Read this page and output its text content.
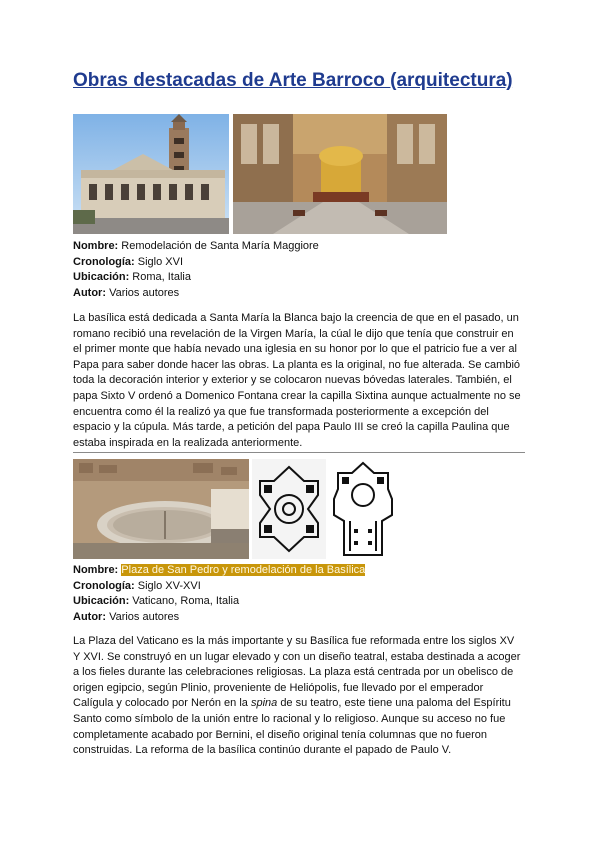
Obras destacadas de Arte Barroco (arquitectura)
Nombre: Remodelación de Santa María Maggiore
Cronología: Siglo XVI
Ubicación: Roma, Italia
Autor: Varios autores

La basílica está dedicada a Santa María la Blanca bajo la creencia de que en el pasado, un

romano recibió una revelación de la Virgen María, la cúal le dijo que tenía que construir en

el primer monte que había nevado una iglesia en su honor por lo que el patricio fue a ver al

Papa para saber donde hacer las obras. La planta es la original, no fue alterada. Se cambió

toda la decoración interior y exterior y se colocaron nuevas bóvedas laterales. También, el

papa Sixto V ordenó a Domenico Fontana crear la capilla Sixtina aunque actualmente no se

encuentra como él la realizó ya que fue transformada posteriormente a excepción del

espacio y la cúpula. Más tarde, a petición del papa Paulo III se creó la capilla Paulina que

estaba inspirada en la realizada anteriormente.

Nombre: Plaza de San Pedro y remodelación de la Basílica
Cronología: Siglo XV-XVI
Ubicación: Vaticano, Roma, Italia
Autor: Varios autores

La Plaza del Vaticano es la más importante y su Basílica fue reformada entre los siglos XV

Y XVI. Se construyó en un lugar elevado y con un diseño teatral, estaba destinada a acoger

a los fieles durante las celebraciones religiosas. La plaza está centrada por un obelisco de

origen egipcio, según Plinio, proveniente de Heliópolis, fue llevado por el emperador

Calígula y colocado por Nerón en la spina de su teatro, este tiene una paloma del Espíritu

Santo como símbolo de la unión entre lo racional y lo religioso. Aunque su acceso no fue

completamente acabado por Bernini, el diseño original tenía columnas que no fueron

construidas. La reforma de la basílica continúo durante el papado de Paulo V.
